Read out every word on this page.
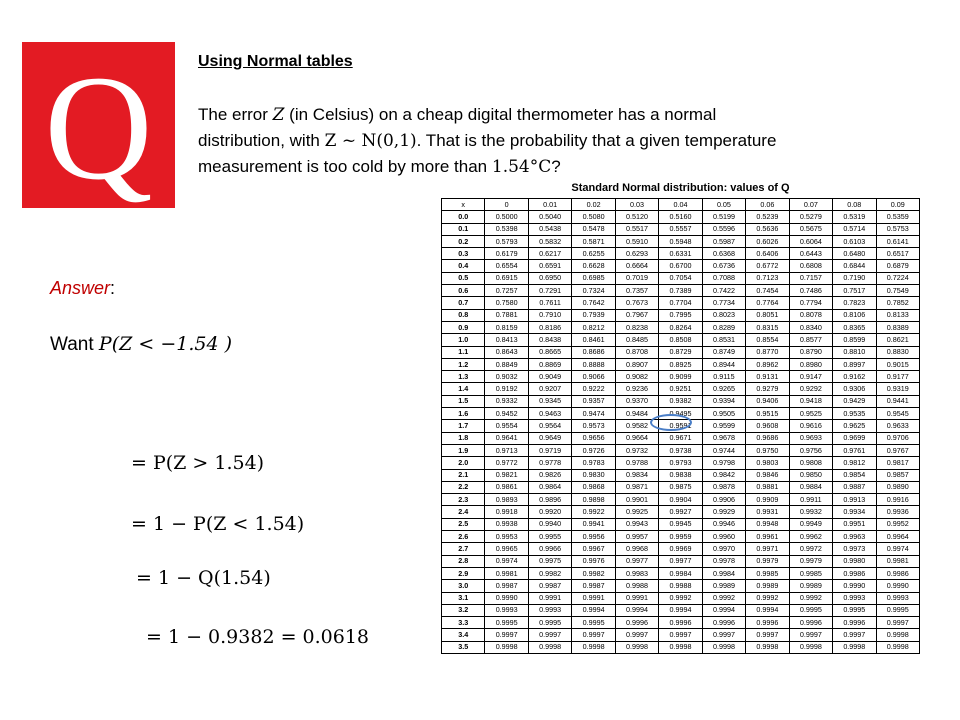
Q	Using Normal tables
The error Z (in Celsius) on a cheap digital thermometer has a normal
distribution, with Z ~ N(0,1). That is the probability that a given temperature
measurement is too cold by more than 1.54°C?
Answer:
Want P(Z < −1.54 )
= P(Z > 1.54)
= 1 − P(Z < 1.54)
= 1 − Q(1.54)
= 1 − 0.9382 = 0.0618
Standard Normal distribution: values of Q
x	0	0.01	0.02	0.03	0.04	0.05	0.06	0.07	0.08	0.09
0.0	0.5000	0.5040	0.5080	0.5120	0.5160	0.5199	0.5239	0.5279	0.5319	0.5359
0.1	0.5398	0.5438	0.5478	0.5517	0.5557	0.5596	0.5636	0.5675	0.5714	0.5753
0.2	0.5793	0.5832	0.5871	0.5910	0.5948	0.5987	0.6026	0.6064	0.6103	0.6141
0.3	0.6179	0.6217	0.6255	0.6293	0.6331	0.6368	0.6406	0.6443	0.6480	0.6517
0.4	0.6554	0.6591	0.6628	0.6664	0.6700	0.6736	0.6772	0.6808	0.6844	0.6879
0.5	0.6915	0.6950	0.6985	0.7019	0.7054	0.7088	0.7123	0.7157	0.7190	0.7224
0.6	0.7257	0.7291	0.7324	0.7357	0.7389	0.7422	0.7454	0.7486	0.7517	0.7549
0.7	0.7580	0.7611	0.7642	0.7673	0.7704	0.7734	0.7764	0.7794	0.7823	0.7852
0.8	0.7881	0.7910	0.7939	0.7967	0.7995	0.8023	0.8051	0.8078	0.8106	0.8133
0.9	0.8159	0.8186	0.8212	0.8238	0.8264	0.8289	0.8315	0.8340	0.8365	0.8389
1.0	0.8413	0.8438	0.8461	0.8485	0.8508	0.8531	0.8554	0.8577	0.8599	0.8621
1.1	0.8643	0.8665	0.8686	0.8708	0.8729	0.8749	0.8770	0.8790	0.8810	0.8830
1.2	0.8849	0.8869	0.8888	0.8907	0.8925	0.8944	0.8962	0.8980	0.8997	0.9015
1.3	0.9032	0.9049	0.9066	0.9082	0.9099	0.9115	0.9131	0.9147	0.9162	0.9177
1.4	0.9192	0.9207	0.9222	0.9236	0.9251	0.9265	0.9279	0.9292	0.9306	0.9319
1.5	0.9332	0.9345	0.9357	0.9370	0.9382	0.9394	0.9406	0.9418	0.9429	0.9441
1.6	0.9452	0.9463	0.9474	0.9484	0.9495	0.9505	0.9515	0.9525	0.9535	0.9545
1.7	0.9554	0.9564	0.9573	0.9582	0.9591	0.9599	0.9608	0.9616	0.9625	0.9633
1.8	0.9641	0.9649	0.9656	0.9664	0.9671	0.9678	0.9686	0.9693	0.9699	0.9706
1.9	0.9713	0.9719	0.9726	0.9732	0.9738	0.9744	0.9750	0.9756	0.9761	0.9767
2.0	0.9772	0.9778	0.9783	0.9788	0.9793	0.9798	0.9803	0.9808	0.9812	0.9817
2.1	0.9821	0.9826	0.9830	0.9834	0.9838	0.9842	0.9846	0.9850	0.9854	0.9857
2.2	0.9861	0.9864	0.9868	0.9871	0.9875	0.9878	0.9881	0.9884	0.9887	0.9890
2.3	0.9893	0.9896	0.9898	0.9901	0.9904	0.9906	0.9909	0.9911	0.9913	0.9916
2.4	0.9918	0.9920	0.9922	0.9925	0.9927	0.9929	0.9931	0.9932	0.9934	0.9936
2.5	0.9938	0.9940	0.9941	0.9943	0.9945	0.9946	0.9948	0.9949	0.9951	0.9952
2.6	0.9953	0.9955	0.9956	0.9957	0.9959	0.9960	0.9961	0.9962	0.9963	0.9964
2.7	0.9965	0.9966	0.9967	0.9968	0.9969	0.9970	0.9971	0.9972	0.9973	0.9974
2.8	0.9974	0.9975	0.9976	0.9977	0.9977	0.9978	0.9979	0.9979	0.9980	0.9981
2.9	0.9981	0.9982	0.9982	0.9983	0.9984	0.9984	0.9985	0.9985	0.9986	0.9986
3.0	0.9987	0.9987	0.9987	0.9988	0.9988	0.9989	0.9989	0.9989	0.9990	0.9990
3.1	0.9990	0.9991	0.9991	0.9991	0.9992	0.9992	0.9992	0.9992	0.9993	0.9993
3.2	0.9993	0.9993	0.9994	0.9994	0.9994	0.9994	0.9994	0.9995	0.9995	0.9995
3.3	0.9995	0.9995	0.9995	0.9996	0.9996	0.9996	0.9996	0.9996	0.9996	0.9997
3.4	0.9997	0.9997	0.9997	0.9997	0.9997	0.9997	0.9997	0.9997	0.9997	0.9998
3.5	0.9998	0.9998	0.9998	0.9998	0.9998	0.9998	0.9998	0.9998	0.9998	0.9998
